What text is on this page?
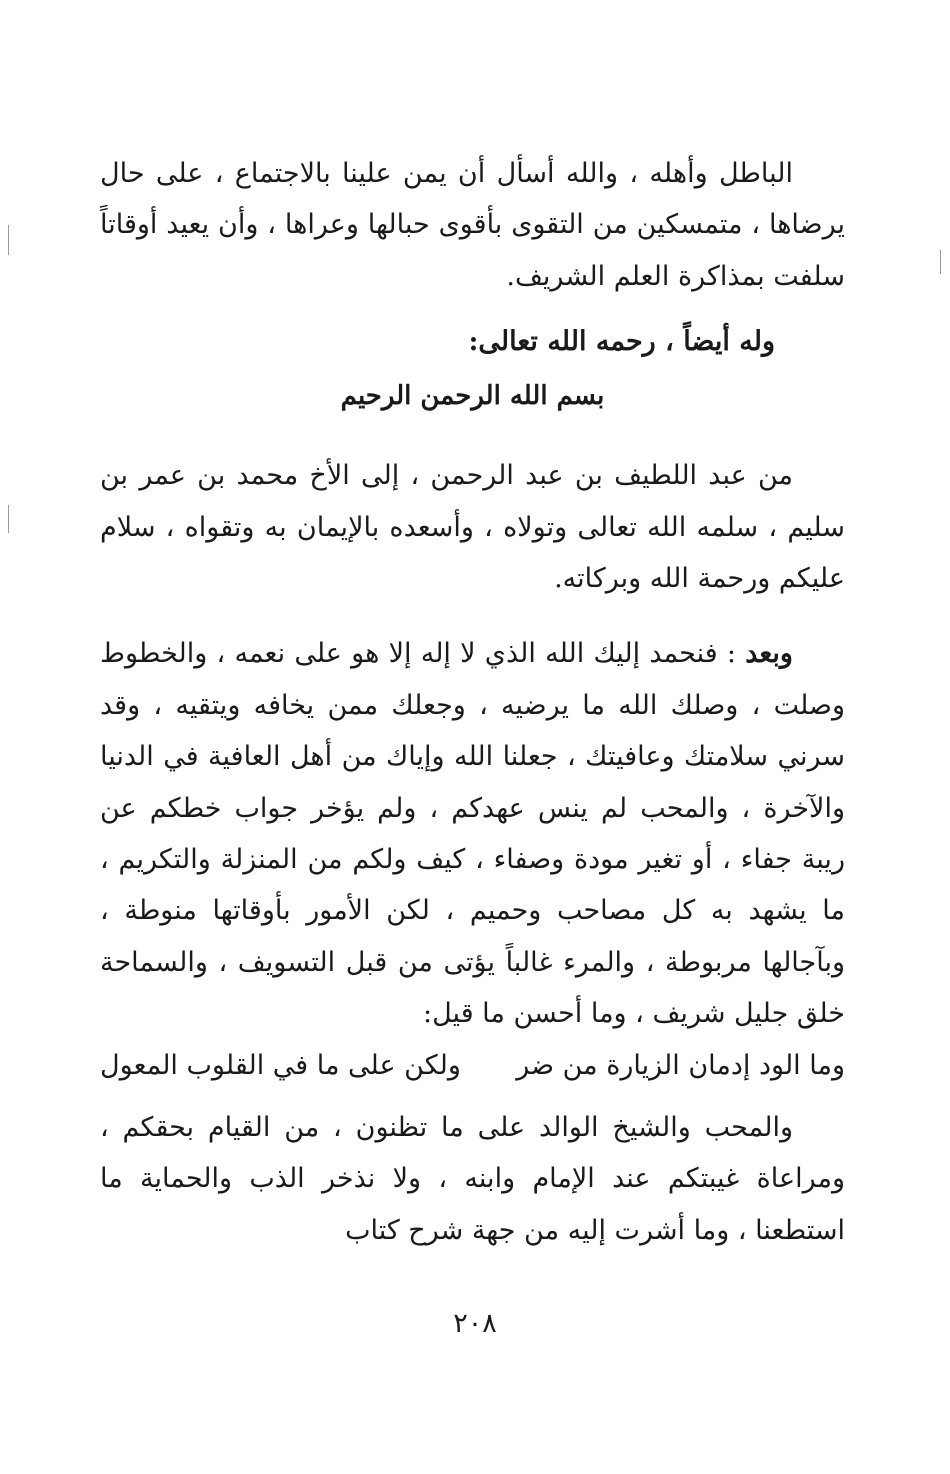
الباطل وأهله ، والله أسأل أن يمن علينا بالاجتماع ، على حال يرضاها ، متمسكين من التقوى بأقوى حبالها وعراها ، وأن يعيد أوقاتاً سلفت بمذاكرة العلم الشريف.

وله أيضاً ، رحمه الله تعالى:

بسم الله الرحمن الرحيم

من عبد اللطيف بن عبد الرحمن ، إلى الأخ محمد بن عمر بن سليم ، سلمه الله تعالى وتولاه ، وأسعده بالإيمان به وتقواه ، سلام عليكم ورحمة الله وبركاته.

وبعد : فنحمد إليك الله الذي لا إله إلا هو على نعمه ، والخطوط وصلت ، وصلك الله ما يرضيه ، وجعلك ممن يخافه ويتقيه ، وقد سرني سلامتك وعافيتك ، جعلنا الله وإياك من أهل العافية في الدنيا والآخرة ، والمحب لم ينس عهدكم ، ولم يؤخر جواب خطكم عن ريبة جفاء ، أو تغير مودة وصفاء ، كيف ولكم من المنزلة والتكريم ، ما يشهد به كل مصاحب وحميم ، لكن الأمور بأوقاتها منوطة ، وبآجالها مربوطة ، والمرء غالباً يؤتى من قبل التسويف ، والسماحة خلق جليل شريف ، وما أحسن ما قيل:

وما الود إدمان الزيارة من ضر
ولكن على ما في القلوب المعول

والمحب والشيخ الوالد على ما تظنون ، من القيام بحقكم ، ومراعاة غيبتكم عند الإمام وابنه ، ولا نذخر الذب والحماية ما استطعنا ، وما أشرت إليه من جهة شرح كتاب

٢٠٨
